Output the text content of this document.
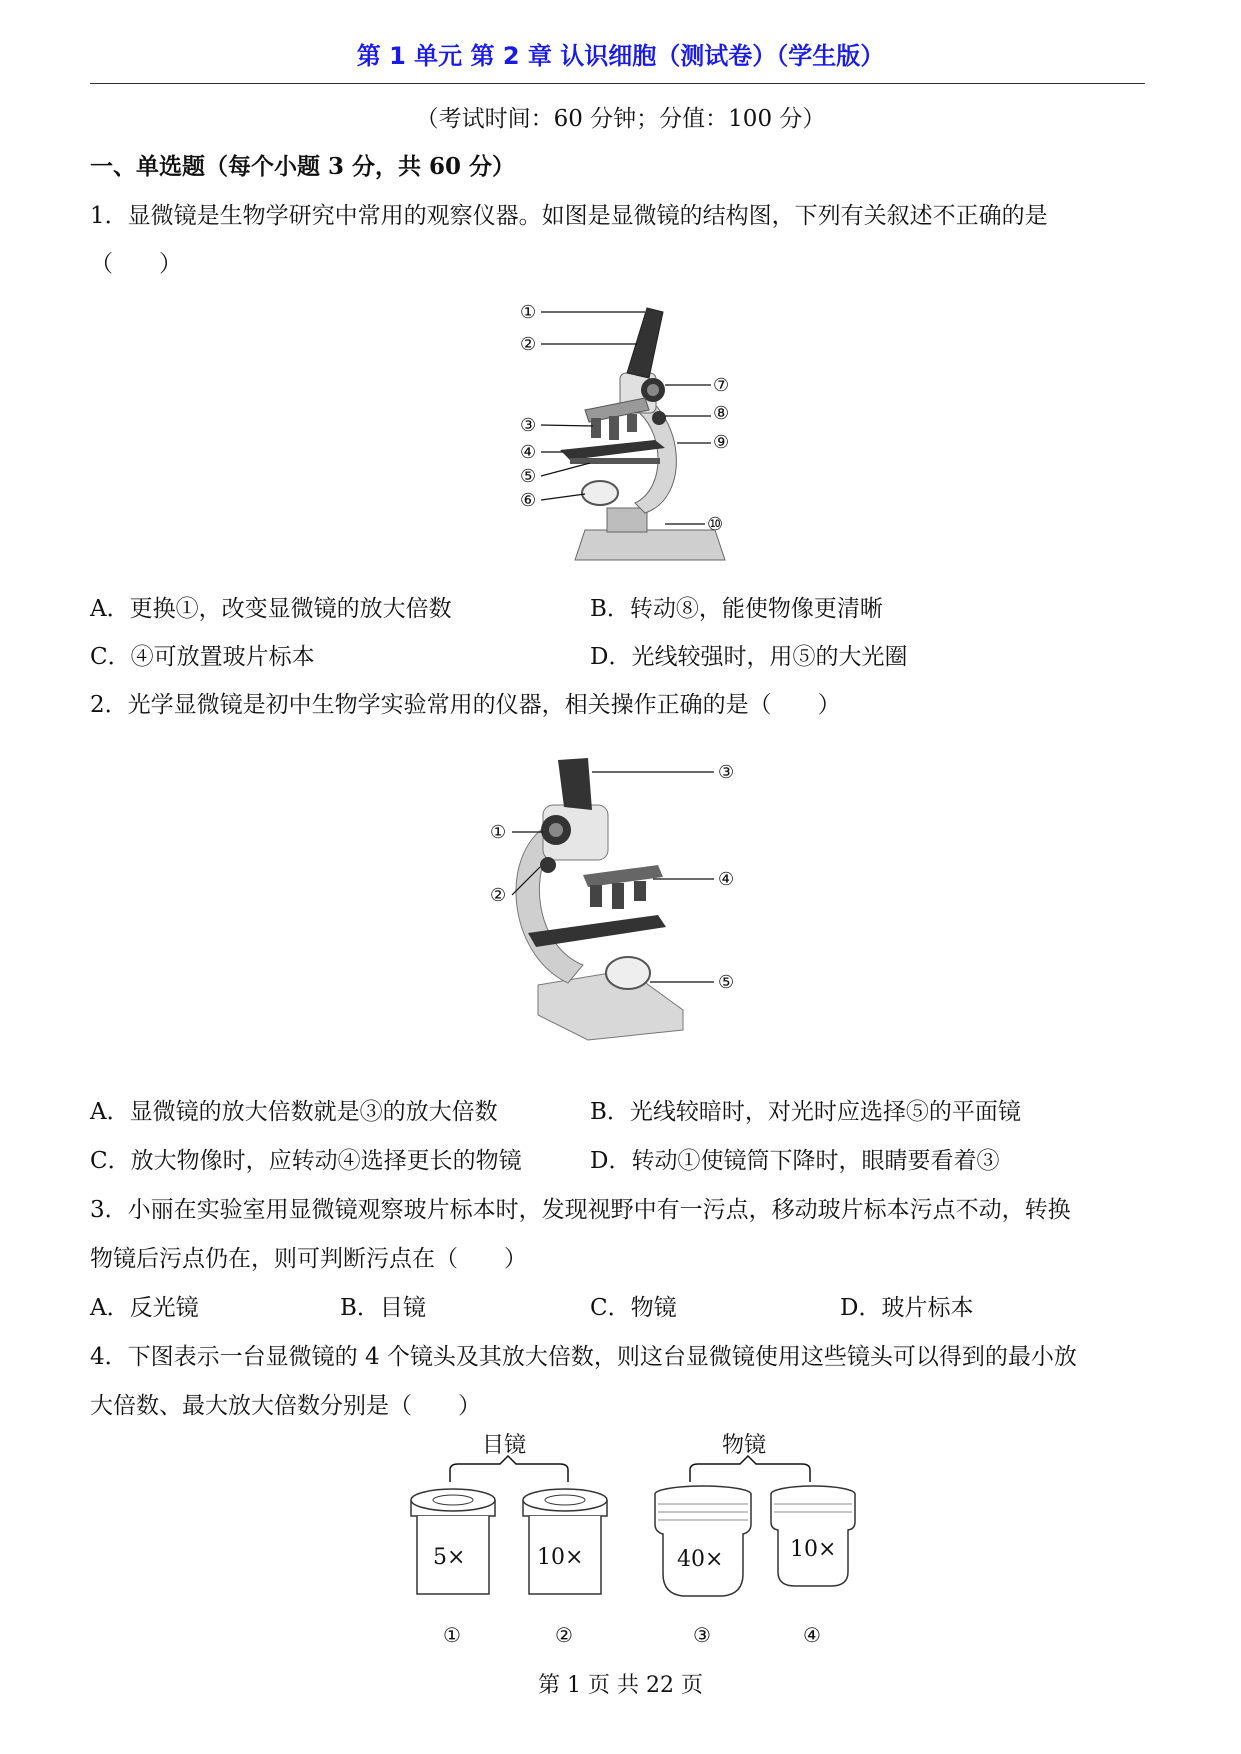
第 1 单元 第 2 章 认识细胞（测试卷）（学生版）
（考试时间：60 分钟；分值：100 分）
一、单选题（每个小题 3 分，共 60 分）
1．显微镜是生物学研究中常用的观察仪器。如图是显微镜的结构图，下列有关叙述不正确的是
（　　）
①
②
③
④
⑤
⑥
⑦
⑧
⑨
⑩
A．更换①，改变显微镜的放大倍数	B．转动⑧，能使物像更清晰
C．④可放置玻片标本	D．光线较强时，用⑤的大光圈
2．光学显微镜是初中生物学实验常用的仪器，相关操作正确的是（　　）
①
②
③
④
⑤
A．显微镜的放大倍数就是③的放大倍数	B．光线较暗时，对光时应选择⑤的平面镜
C．放大物像时，应转动④选择更长的物镜	D．转动①使镜筒下降时，眼睛要看着③
3．小丽在实验室用显微镜观察玻片标本时，发现视野中有一污点，移动玻片标本污点不动，转换
物镜后污点仍在，则可判断污点在（　　）
A．反光镜	B．目镜	C．物镜	D．玻片标本
4．下图表示一台显微镜的 4 个镜头及其放大倍数，则这台显微镜使用这些镜头可以得到的最小放
大倍数、最大放大倍数分别是（　　）
目镜	物镜
5×	10×	40×	10×
①	②	③	④
第 1 页 共 22 页
